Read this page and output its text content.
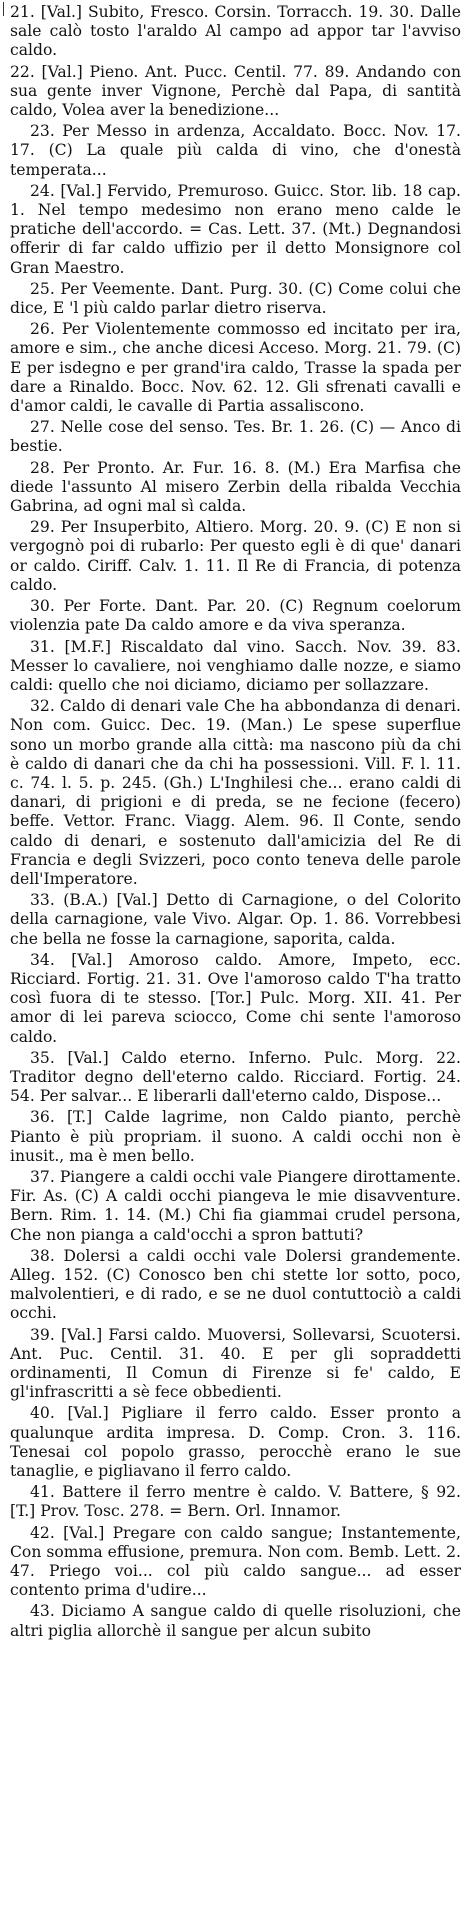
21. [Val.] Subito, Fresco. Corsin. Torracch. 19. 30. Dalle sale calò tosto l'araldo Al campo ad appor tar l'avviso caldo.

22. [Val.] Pieno. Ant. Pucc. Centil. 77. 89. Andando con sua gente inver Vignone, Perchè dal Papa, di santità caldo, Volea aver la benedizione...

23. Per Messo in ardenza, Accaldato. Bocc. Nov. 17. 17. (C) La quale più calda di vino, che d'onestà temperata...

24. [Val.] Fervido, Premuroso. Guicc. Stor. lib. 18 cap. 1. Nel tempo medesimo non erano meno calde le pratiche dell'accordo. = Cas. Lett. 37. (Mt.) Degnandosi offerir di far caldo uffizio per il detto Monsignore col Gran Maestro.

25. Per Veemente. Dant. Purg. 30. (C) Come colui che dice, E 'l più caldo parlar dietro riserva.

26. Per Violentemente commosso ed incitato per ira, amore e sim., che anche dicesi Acceso. Morg. 21. 79. (C) E per isdegno e per grand'ira caldo, Trasse la spada per dare a Rinaldo. Bocc. Nov. 62. 12. Gli sfrenati cavalli e d'amor caldi, le cavalle di Partia assaliscono.

27. Nelle cose del senso. Tes. Br. 1. 26. (C) — Anco di bestie.

28. Per Pronto. Ar. Fur. 16. 8. (M.) Era Marfisa che diede l'assunto Al misero Zerbin della ribalda Vecchia Gabrina, ad ogni mal sì calda.

29. Per Insuperbito, Altiero. Morg. 20. 9. (C) E non si vergognò poi di rubarlo: Per questo egli è di que' danari or caldo. Ciriff. Calv. 1. 11. Il Re di Francia, di potenza caldo.

30. Per Forte. Dant. Par. 20. (C) Regnum coelorum violenzia pate Da caldo amore e da viva speranza.

31. [M.F.] Riscaldato dal vino. Sacch. Nov. 39. 83. Messer lo cavaliere, noi venghiamo dalle nozze, e siamo caldi: quello che noi diciamo, diciamo per sollazzare.

32. Caldo di denari vale Che ha abbondanza di denari. Non com. Guicc. Dec. 19. (Man.) Le spese superflue sono un morbo grande alla città: ma nascono più da chi è caldo di danari che da chi ha possessioni. Vill. F. l. 11. c. 74. l. 5. p. 245. (Gh.) L'Inghilesi che... erano caldi di danari, di prigioni e di preda, se ne fecione (fecero) beffe. Vettor. Franc. Viagg. Alem. 96. Il Conte, sendo caldo di denari, e sostenuto dall'amicizia del Re di Francia e degli Svizzeri, poco conto teneva delle parole dell'Imperatore.

33. (B.A.) [Val.] Detto di Carnagione, o del Colorito della carnagione, vale Vivo. Algar. Op. 1. 86. Vorrebbesi che bella ne fosse la carnagione, saporita, calda.

34. [Val.] Amoroso caldo. Amore, Impeto, ecc. Ricciard. Fortig. 21. 31. Ove l'amoroso caldo T'ha tratto così fuora di te stesso. [Tor.] Pulc. Morg. XII. 41. Per amor di lei pareva sciocco, Come chi sente l'amoroso caldo.

35. [Val.] Caldo eterno. Inferno. Pulc. Morg. 22. Traditor degno dell'eterno caldo. Ricciard. Fortig. 24. 54. Per salvar... E liberarli dall'eterno caldo, Dispose...

36. [T.] Calde lagrime, non Caldo pianto, perchè Pianto è più propriam. il suono. A caldi occhi non è inusit., ma è men bello.

37. Piangere a caldi occhi vale Piangere dirottamente. Fir. As. (C) A caldi occhi piangeva le mie disavventure. Bern. Rim. 1. 14. (M.) Chi fia giammai crudel persona, Che non pianga a cald'occhi a spron battuti?

38. Dolersi a caldi occhi vale Dolersi grandemente. Alleg. 152. (C) Conosco ben chi stette lor sotto, poco, malvolentieri, e di rado, e se ne duol contuttociò a caldi occhi.

39. [Val.] Farsi caldo. Muoversi, Sollevarsi, Scuotersi. Ant. Puc. Centil. 31. 40. E per gli sopraddetti ordinamenti, Il Comun di Firenze si fe' caldo, E gl'infrascritti a sè fece obbedienti.

40. [Val.] Pigliare il ferro caldo. Esser pronto a qualunque ardita impresa. D. Comp. Cron. 3. 116. Tenesai col popolo grasso, perocchè erano le sue tanaglie, e pigliavano il ferro caldo.

41. Battere il ferro mentre è caldo. V. Battere, § 92. [T.] Prov. Tosc. 278. = Bern. Orl. Innamor.

42. [Val.] Pregare con caldo sangue; Instantemente, Con somma effusione, premura. Non com. Bemb. Lett. 2. 47. Priego voi... col più caldo sangue... ad esser contento prima d'udire...

43. Diciamo A sangue caldo di quelle risoluzioni, che altri piglia allorchè il sangue per alcun subito
